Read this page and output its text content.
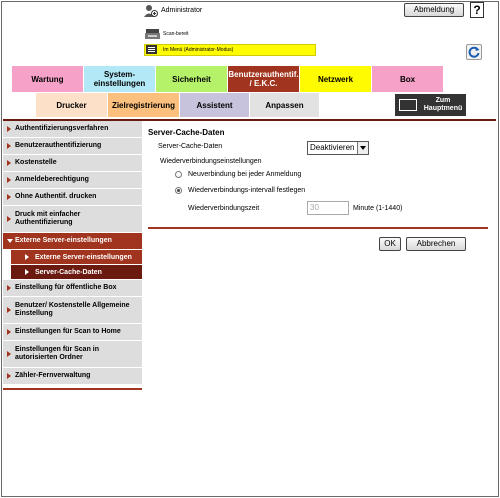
Administrator	Abmeldung	?
Scan-bereit
Im Menü (Administrator-Modus)
Wartung	System-
einstellungen	Sicherheit Benutzerauthentif. / E.K.C.	Netzwerk	Box
Drucker	Zielregistrierung	Assistent	Anpassen	Zum Hauptmenü
Authentifizierungsverfahren
Benutzerauthentifizierung
Kostenstelle
Anmeldeberechtigung
Ohne Authentif. drucken
Druck mit einfacher Authentifizierung
Externe Server-einstellungen
Externe Server-einstellungen
Server-Cache-Daten
Einstellung für öffentliche Box
Benutzer/ Kostenstelle Allgemeine Einstellung
Einstellungen für Scan to Home
Einstellungen für Scan in autorisierten Ordner
Zähler-Fernverwaltung
Server-Cache-Daten
Server-Cache-Daten	Deaktivieren
Wiederverbindungseinstellungen
Neuverbindung bei jeder Anmeldung
Wiederverbindungs-intervall festlegen
Wiederverbindungszeit	30	Minute (1-1440)
OK	Abbrechen
